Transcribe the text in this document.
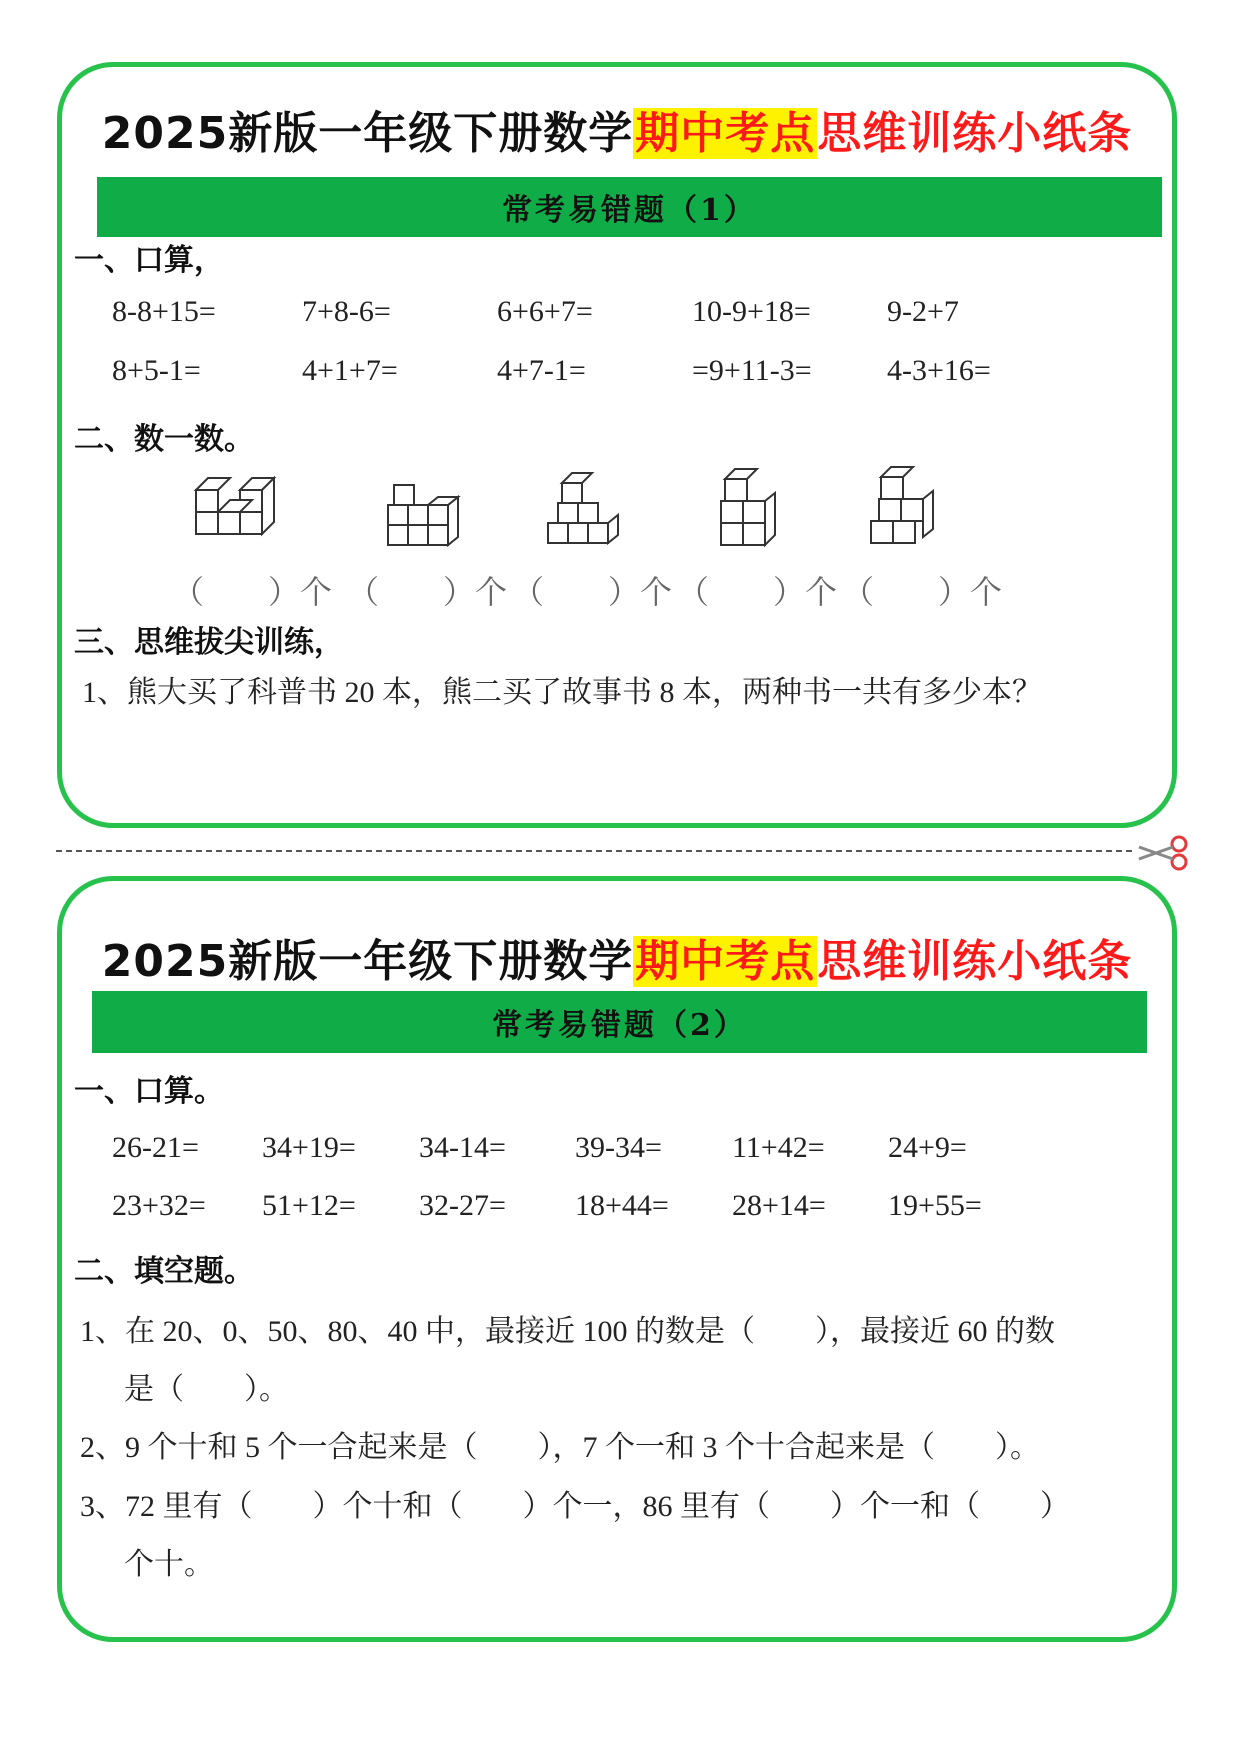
2025新版一年级下册数学期中考点思维训练小纸条
常考易错题（1）
一、口算，
8-8+15=	7+8-6=	6+6+7=	10-9+18=	9-2+7
8+5-1=	4+1+7=	4+7-1=	=9+11-3=	4-3+16=
二、数一数。
（　　）个 （　　）个 （　　）个 （　　）个 （　　）个
三、思维拔尖训练，
1、熊大买了科普书 20 本，熊二买了故事书 8 本，两种书一共有多少本？
2025新版一年级下册数学期中考点思维训练小纸条
常考易错题（2）
一、口算。
26-21= 34+19= 34-14= 39-34= 11+42= 24+9=
23+32= 51+12= 32-27= 18+44= 28+14= 19+55=
二、填空题。
1、在 20、0、50、80、40 中，最接近 100 的数是（　　），最接近 60 的数
是（　　）。
2、9 个十和 5 个一合起来是（　　），7 个一和 3 个十合起来是（　　）。
3、72 里有（　　）个十和（　　）个一，86 里有（　　）个一和（　　）
个十。
